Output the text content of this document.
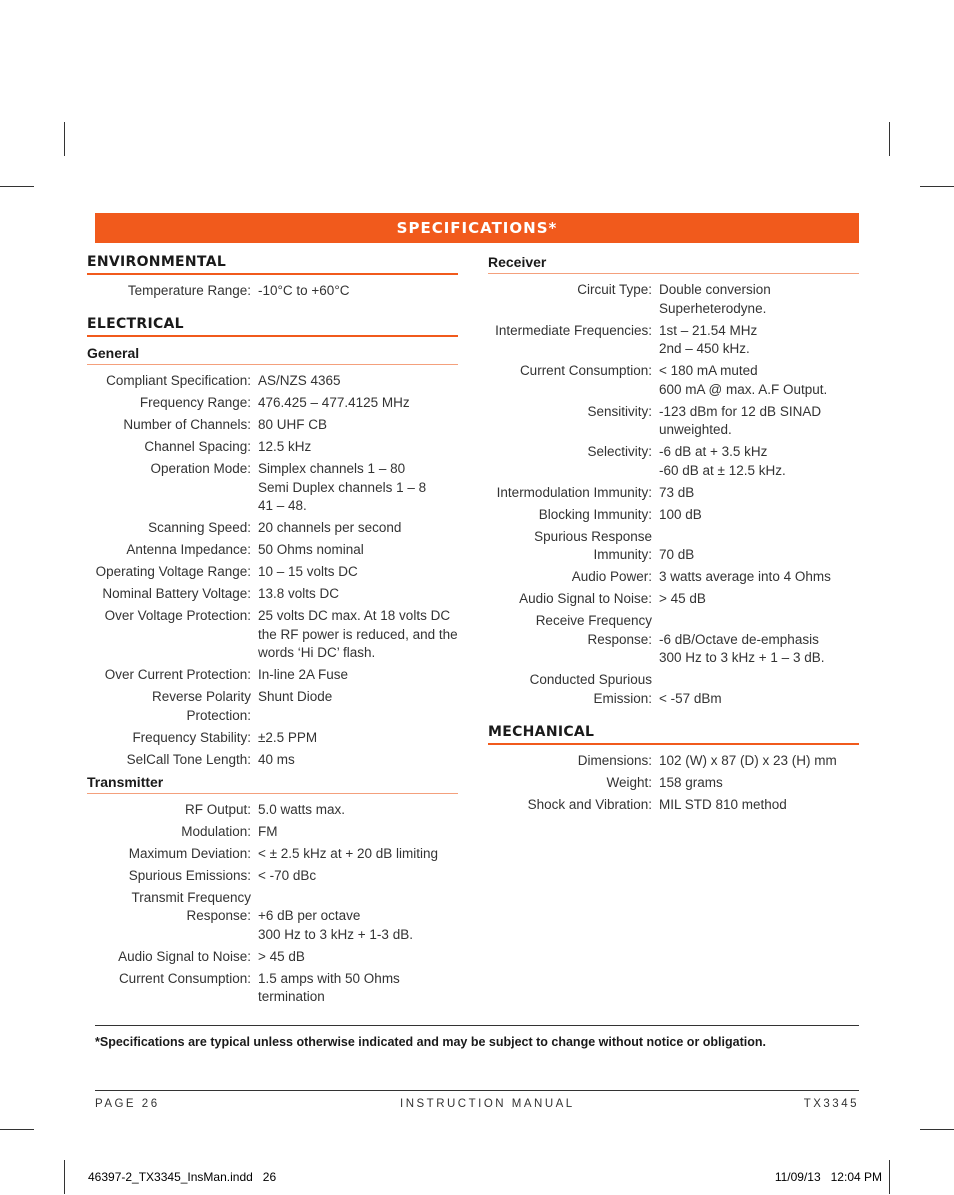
SPECIFICATIONS*
ENVIRONMENTAL
Temperature Range: -10°C to +60°C
ELECTRICAL
General
Compliant Specification: AS/NZS 4365
Frequency Range: 476.425 – 477.4125 MHz
Number of Channels: 80 UHF CB
Channel Spacing: 12.5 kHz
Operation Mode: Simplex channels 1 – 80
Semi Duplex channels 1 – 8
41 – 48.
Scanning Speed: 20 channels per second
Antenna Impedance: 50 Ohms nominal
Operating Voltage Range: 10 – 15 volts DC
Nominal Battery Voltage: 13.8 volts DC
Over Voltage Protection: 25 volts DC max. At 18 volts DC
the RF power is reduced, and the
words ‘Hi DC’ flash.
Over Current Protection: In-line 2A Fuse
Reverse Polarity Protection:
Shunt Diode
Frequency Stability: ±2.5 PPM
SelCall Tone Length: 40 ms
Transmitter
RF Output: 5.0 watts max.
Modulation: FM
Maximum Deviation: < ± 2.5 kHz at + 20 dB limiting
Spurious Emissions: < -70 dBc
Transmit Frequency
Response:
+6 dB per octave
300 Hz to 3 kHz + 1-3 dB.
Audio Signal to Noise: > 45 dB
Current Consumption: 1.5 amps with 50 Ohms
termination
Receiver
Circuit Type: Double conversion
Superheterodyne.
Intermediate Frequencies: 1st – 21.54 MHz
2nd – 450 kHz.
Current Consumption: < 180 mA muted
600 mA @ max. A.F Output.
Sensitivity: -123 dBm for 12 dB SINAD
unweighted.
Selectivity: -6 dB at + 3.5 kHz
-60 dB at ± 12.5 kHz.
Intermodulation Immunity: 73 dB
Blocking Immunity: 100 dB
Spurious Response
Immunity:
70 dB
Audio Power: 3 watts average into 4 Ohms
Audio Signal to Noise: > 45 dB
Receive Frequency
Response:
-6 dB/Octave de-emphasis
300 Hz to 3 kHz + 1 – 3 dB.
Conducted Spurious
Emission:
< -57 dBm
MECHANICAL
Dimensions: 102 (W) x 87 (D) x 23 (H) mm
Weight: 158 grams
Shock and Vibration: MIL STD 810 method
*Specifications are typical unless otherwise indicated and may be subject to change without notice or obligation.
PAGE 26	INSTRUCTION MANUAL	TX3345
46397-2_TX3345_InsMan.indd   26	11/09/13   12:04 PM
